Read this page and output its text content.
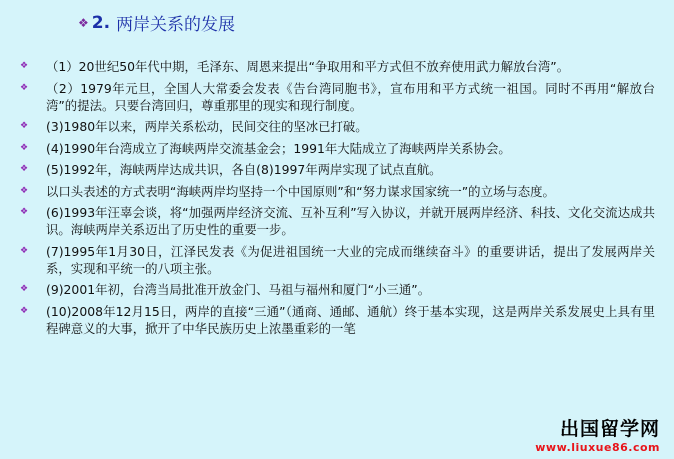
❖ 2. 两岸关系的发展
❖	（1）20世纪50年代中期，毛泽东、周恩来提出“争取用和平方式但不放弃使用武力解放台湾”。
❖	（2）1979年元旦，全国人大常委会发表《告台湾同胞书》，宣布用和平方式统一祖国。同时不再用“解放台湾”的提法。只要台湾回归，尊重那里的现实和现行制度。
❖	(3)1980年以来，两岸关系松动，民间交往的坚冰已打破。
❖	(4)1990年台湾成立了海峡两岸交流基金会；1991年大陆成立了海峡两岸关系协会。
❖	(5)1992年，海峡两岸达成共识，各自(8)1997年两岸实现了试点直航。
❖	以口头表述的方式表明“海峡两岸均坚持一个中国原则”和“努力谋求国家统一”的立场与态度。
❖	(6)1993年汪辜会谈，将“加强两岸经济交流、互补互利”写入协议，并就开展两岸经济、科技、文化交流达成共识。海峡两岸关系迈出了历史性的重要一步。
❖	(7)1995年1月30日，江泽民发表《为促进祖国统一大业的完成而继续奋斗》的重要讲话，提出了发展两岸关系，实现和平统一的八项主张。
❖	(9)2001年初，台湾当局批准开放金门、马祖与福州和厦门“小三通”。
❖	(10)2008年12月15日，两岸的直接“三通”（通商、通邮、通航）终于基本实现，这是两岸关系发展史上具有里程碑意义的大事，掀开了中华民族历史上浓墨重彩的一笔
出国留学网
www.liuxue86.com
